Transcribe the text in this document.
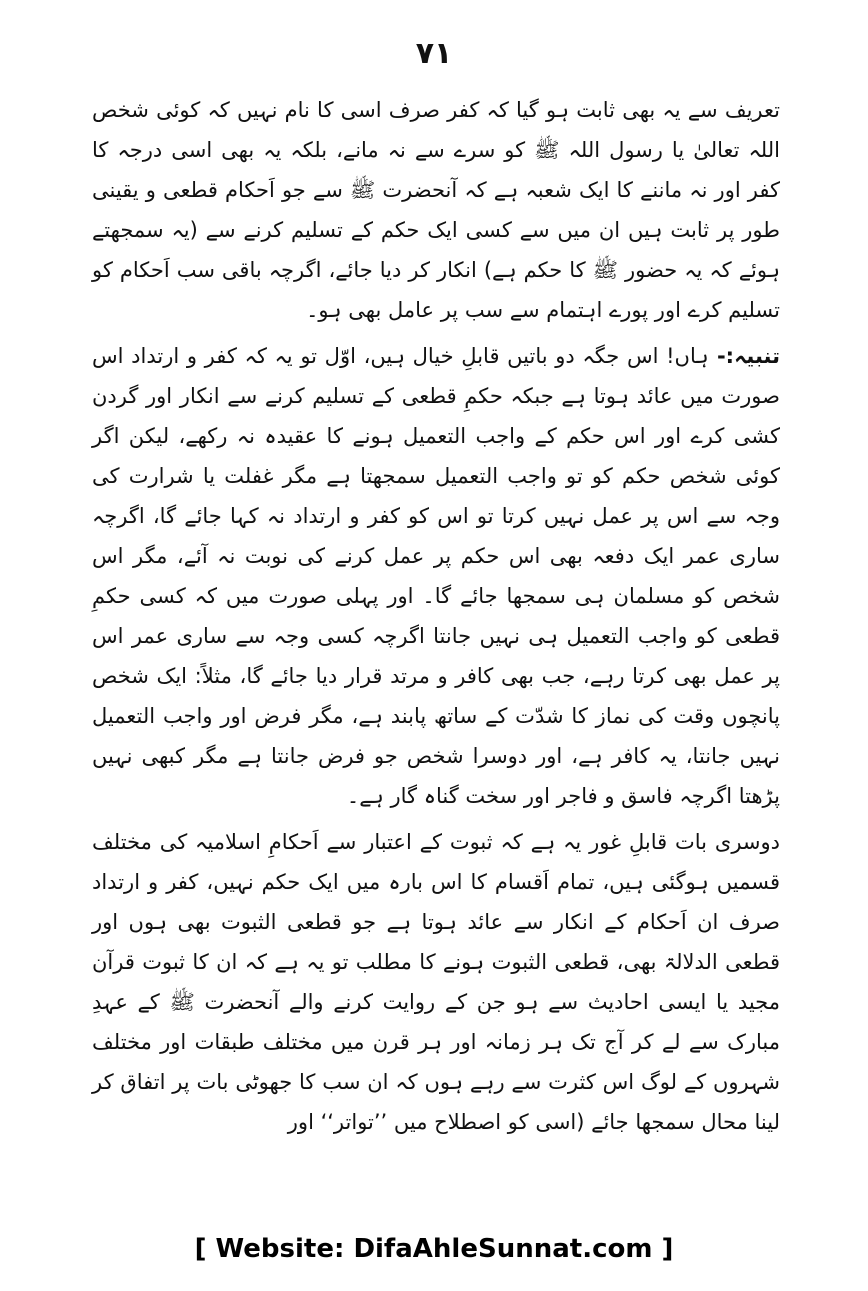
۷۱

تعریف سے یہ بھی ثابت ہو گیا کہ کفر صرف اسی کا نام نہیں کہ کوئی شخص اللہ تعالیٰ یا رسول اللہ ﷺ کو سرے سے نہ مانے، بلکہ یہ بھی اسی درجہ کا کفر اور نہ ماننے کا ایک شعبہ ہے کہ آنحضرت ﷺ سے جو اَحکام قطعی و یقینی طور پر ثابت ہیں ان میں سے کسی ایک حکم کے تسلیم کرنے سے (یہ سمجھتے ہوئے کہ یہ حضور ﷺ کا حکم ہے) انکار کر دیا جائے، اگرچہ باقی سب اَحکام کو تسلیم کرے اور پورے اہتمام سے سب پر عامل بھی ہو۔

تنبیہ:- ہاں! اس جگہ دو باتیں قابلِ خیال ہیں، اوّل تو یہ کہ کفر و ارتداد اس صورت میں عائد ہوتا ہے جبکہ حکمِ قطعی کے تسلیم کرنے سے انکار اور گردن کشی کرے اور اس حکم کے واجب التعمیل ہونے کا عقیدہ نہ رکھے، لیکن اگر کوئی شخص حکم کو تو واجب التعمیل سمجھتا ہے مگر غفلت یا شرارت کی وجہ سے اس پر عمل نہیں کرتا تو اس کو کفر و ارتداد نہ کہا جائے گا، اگرچہ ساری عمر ایک دفعہ بھی اس حکم پر عمل کرنے کی نوبت نہ آئے، مگر اس شخص کو مسلمان ہی سمجھا جائے گا۔ اور پہلی صورت میں کہ کسی حکمِ قطعی کو واجب التعمیل ہی نہیں جانتا اگرچہ کسی وجہ سے ساری عمر اس پر عمل بھی کرتا رہے، جب بھی کافر و مرتد قرار دیا جائے گا، مثلاً: ایک شخص پانچوں وقت کی نماز کا شدّت کے ساتھ پابند ہے، مگر فرض اور واجب التعمیل نہیں جانتا، یہ کافر ہے، اور دوسرا شخص جو فرض جانتا ہے مگر کبھی نہیں پڑھتا اگرچہ فاسق و فاجر اور سخت گناہ گار ہے۔

دوسری بات قابلِ غور یہ ہے کہ ثبوت کے اعتبار سے اَحکامِ اسلامیہ کی مختلف قسمیں ہوگئی ہیں، تمام اَقسام کا اس بارہ میں ایک حکم نہیں، کفر و ارتداد صرف ان اَحکام کے انکار سے عائد ہوتا ہے جو قطعی الثبوت بھی ہوں اور قطعی الدلالۃ بھی، قطعی الثبوت ہونے کا مطلب تو یہ ہے کہ ان کا ثبوت قرآن مجید یا ایسی احادیث سے ہو جن کے روایت کرنے والے آنحضرت ﷺ کے عہدِ مبارک سے لے کر آج تک ہر زمانہ اور ہر قرن میں مختلف طبقات اور مختلف شہروں کے لوگ اس کثرت سے رہے ہوں کہ ان سب کا جھوٹی بات پر اتفاق کر لینا محال سمجھا جائے (اسی کو اصطلاح میں ’’تواتر‘‘ اور

[ Website: DifaAhleSunnat.com ]
